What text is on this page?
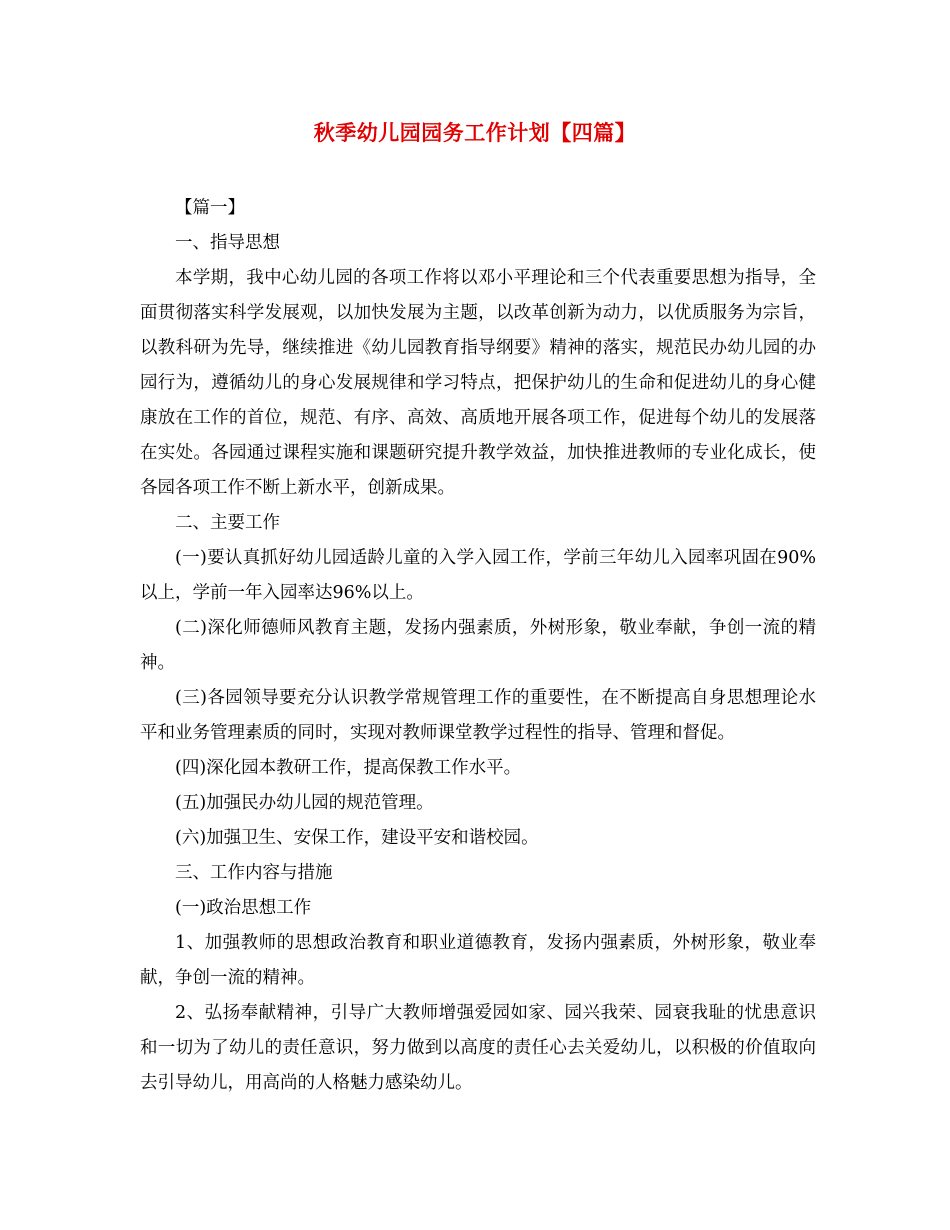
秋季幼儿园园务工作计划【四篇】

【篇一】

一、指导思想

本学期，我中心幼儿园的各项工作将以邓小平理论和三个代表重要思想为指导，全面贯彻落实科学发展观，以加快发展为主题，以改革创新为动力，以优质服务为宗旨，以教科研为先导，继续推进《幼儿园教育指导纲要》精神的落实，规范民办幼儿园的办园行为，遵循幼儿的身心发展规律和学习特点，把保护幼儿的生命和促进幼儿的身心健康放在工作的首位，规范、有序、高效、高质地开展各项工作，促进每个幼儿的发展落在实处。各园通过课程实施和课题研究提升教学效益，加快推进教师的专业化成长，使各园各项工作不断上新水平，创新成果。

二、主要工作

(一)要认真抓好幼儿园适龄儿童的入学入园工作，学前三年幼儿入园率巩固在90%以上，学前一年入园率达96%以上。

(二)深化师德师风教育主题，发扬内强素质，外树形象，敬业奉献，争创一流的精神。

(三)各园领导要充分认识教学常规管理工作的重要性，在不断提高自身思想理论水平和业务管理素质的同时，实现对教师课堂教学过程性的指导、管理和督促。

(四)深化园本教研工作，提高保教工作水平。

(五)加强民办幼儿园的规范管理。

(六)加强卫生、安保工作，建设平安和谐校园。

三、工作内容与措施

(一)政治思想工作

1、加强教师的思想政治教育和职业道德教育，发扬内强素质，外树形象，敬业奉献，争创一流的精神。

2、弘扬奉献精神，引导广大教师增强爱园如家、园兴我荣、园衰我耻的忧患意识和一切为了幼儿的责任意识，努力做到以高度的责任心去关爱幼儿，以积极的价值取向去引导幼儿，用高尚的人格魅力感染幼儿。
